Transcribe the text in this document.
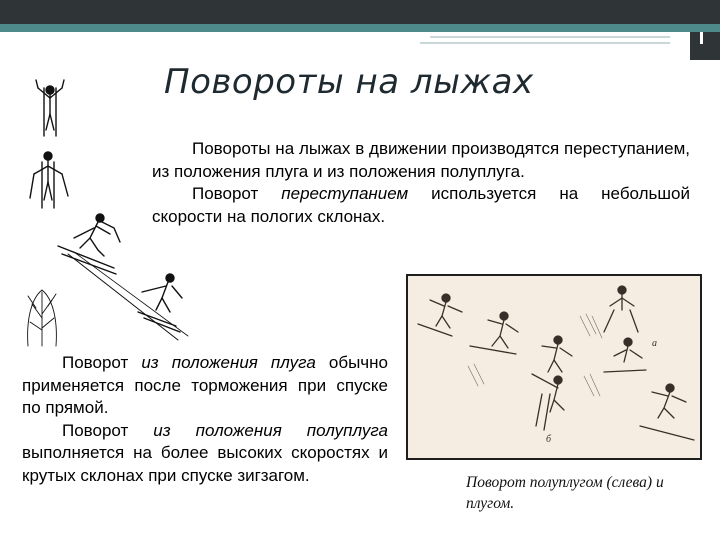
Повороты на лыжах

Повороты на лыжах в движении производятся переступанием, из положения плуга и из положения полуплуга.

Поворот переступанием используется на небольшой скорости на пологих склонах.

Поворот из положения плуга обычно применяется после торможения при спуске по прямой.

Поворот из положения полуплуга выполняется на более высоких скоростях и крутых склонах при спуске зигзагом.

б
а
Поворот полуплугом (слева) и плугом.
